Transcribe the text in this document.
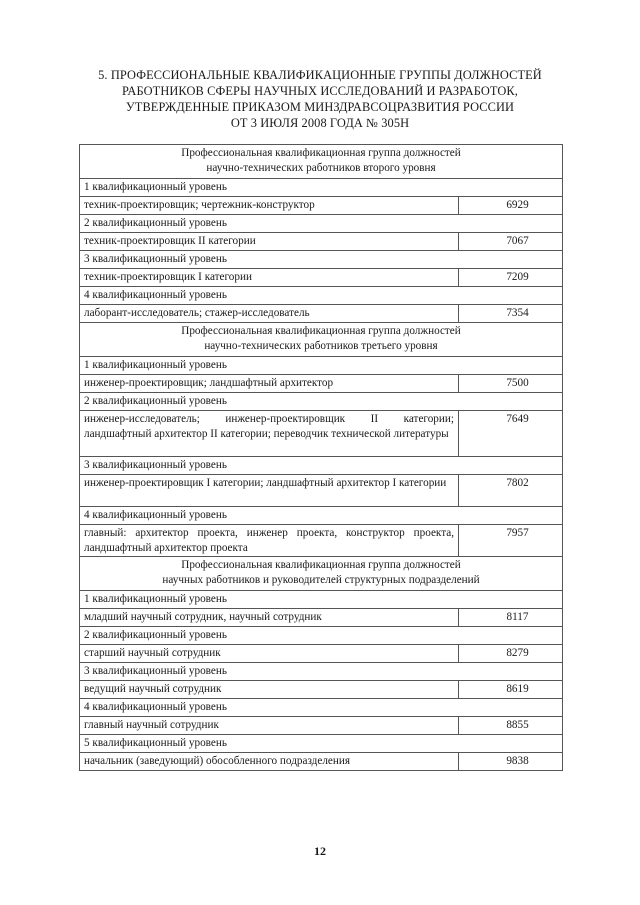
5. ПРОФЕССИОНАЛЬНЫЕ КВАЛИФИКАЦИОННЫЕ ГРУППЫ ДОЛЖНОСТЕЙ
РАБОТНИКОВ СФЕРЫ НАУЧНЫХ ИССЛЕДОВАНИЙ И РАЗРАБОТОК,
УТВЕРЖДЕННЫЕ ПРИКАЗОМ МИНЗДРАВСОЦРАЗВИТИЯ РОССИИ
ОТ 3 ИЮЛЯ 2008 ГОДА № 305Н
Профессиональная квалификационная группа должностей
научно-технических работников второго уровня	

1 квалификационный уровень	
техник-проектировщик; чертежник-конструктор	6929
2 квалификационный уровень	
техник-проектировщик II категории	7067
3 квалификационный уровень	
техник-проектировщик I категории	7209
4 квалификационный уровень	
лаборант-исследователь; стажер-исследователь	7354

Профессиональная квалификационная группа должностей
научно-технических работников третьего уровня	

1 квалификационный уровень	
инженер-проектировщик; ландшафтный архитектор	7500
2 квалификационный уровень	
инженер-исследователь; инженер-проектировщик II категории; ландшафтный архитектор II категории; переводчик технической литературы	7649
3 квалификационный уровень	
инженер-проектировщик I категории; ландшафтный архитектор I категории	7802
4 квалификационный уровень	
главный: архитектор проекта, инженер проекта, конструктор проекта, ландшафтный архитектор проекта	7957

Профессиональная квалификационная группа должностей
научных работников и руководителей структурных подразделений	

1 квалификационный уровень	
младший научный сотрудник, научный сотрудник	8117
2 квалификационный уровень	
старший научный сотрудник	8279
3 квалификационный уровень	
ведущий научный сотрудник	8619
4 квалификационный уровень	
главный научный сотрудник	8855
5 квалификационный уровень	
начальник (заведующий) обособленного подразделения	9838
12
